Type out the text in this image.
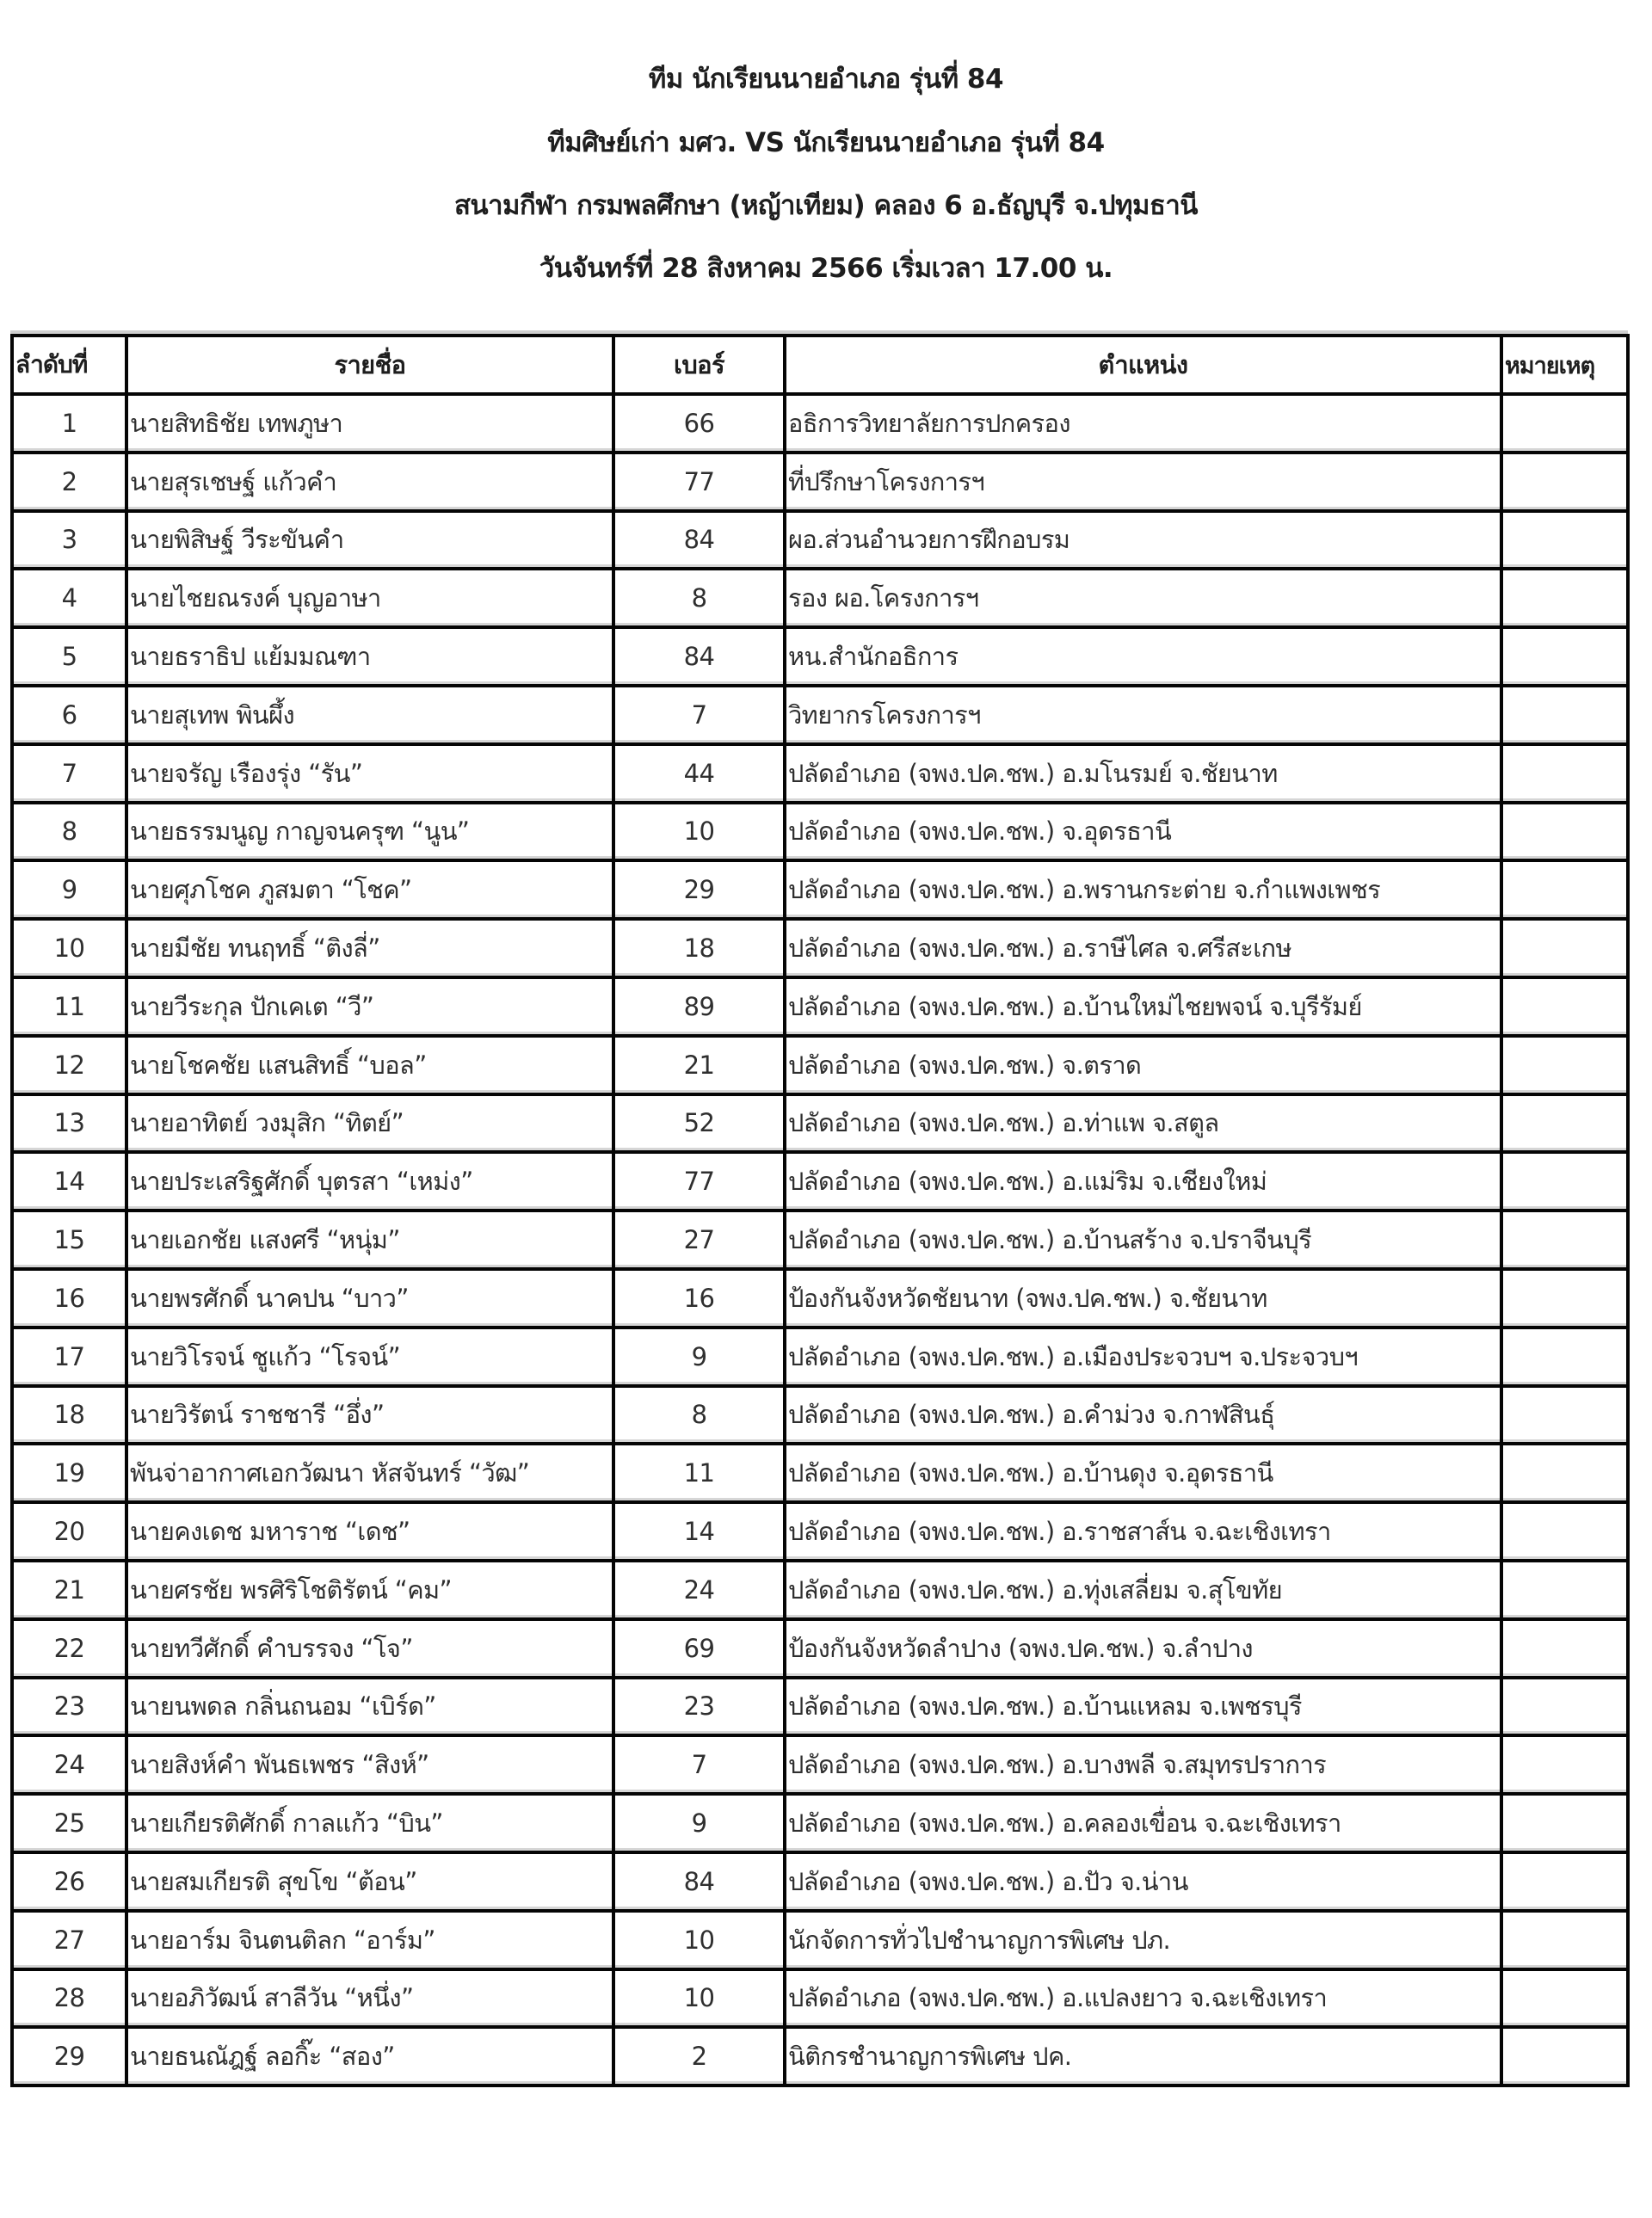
ทีม นักเรียนนายอำเภอ รุ่นที่ 84
ทีมศิษย์เก่า มศว. VS นักเรียนนายอำเภอ รุ่นที่ 84
สนามกีฬา กรมพลศึกษา (หญ้าเทียม) คลอง 6 อ.ธัญบุรี จ.ปทุมธานี
วันจันทร์ที่ 28 สิงหาคม 2566 เริ่มเวลา 17.00 น.
ลำดับที่	รายชื่อ	เบอร์	ตำแหน่ง	หมายเหตุ
1	นายสิทธิชัย เทพภูษา	66	อธิการวิทยาลัยการปกครอง	
2	นายสุรเชษฐ์ แก้วคำ	77	ที่ปรึกษาโครงการฯ	
3	นายพิสิษฐ์ วีระขันคำ	84	ผอ.ส่วนอำนวยการฝึกอบรม	
4	นายไชยณรงค์ บุญอาษา	8	รอง ผอ.โครงการฯ	
5	นายธราธิป แย้มมณฑา	84	หน.สำนักอธิการ	
6	นายสุเทพ พินผึ้ง	7	วิทยากรโครงการฯ	
7	นายจรัญ เรืองรุ่ง “รัน”	44	ปลัดอำเภอ (จพง.ปค.ชพ.) อ.มโนรมย์ จ.ชัยนาท	
8	นายธรรมนูญ กาญจนครุฑ “นูน”	10	ปลัดอำเภอ (จพง.ปค.ชพ.) จ.อุดรธานี	
9	นายศุภโชค ภูสมตา “โชค”	29	ปลัดอำเภอ (จพง.ปค.ชพ.) อ.พรานกระต่าย จ.กำแพงเพชร	
10	นายมีชัย ทนฤทธิ์ “ติงลี่”	18	ปลัดอำเภอ (จพง.ปค.ชพ.) อ.ราษีไศล จ.ศรีสะเกษ	
11	นายวีระกุล ปักเคเต “วี”	89	ปลัดอำเภอ (จพง.ปค.ชพ.) อ.บ้านใหม่ไชยพจน์ จ.บุรีรัมย์	
12	นายโชคชัย แสนสิทธิ์ “บอล”	21	ปลัดอำเภอ (จพง.ปค.ชพ.) จ.ตราด	
13	นายอาทิตย์ วงมุสิก “ทิตย์”	52	ปลัดอำเภอ (จพง.ปค.ชพ.) อ.ท่าแพ จ.สตูล	
14	นายประเสริฐศักดิ์ บุตรสา “เหม่ง”	77	ปลัดอำเภอ (จพง.ปค.ชพ.) อ.แม่ริม จ.เชียงใหม่	
15	นายเอกชัย แสงศรี “หนุ่ม”	27	ปลัดอำเภอ (จพง.ปค.ชพ.) อ.บ้านสร้าง จ.ปราจีนบุรี	
16	นายพรศักดิ์ นาคปน “บาว”	16	ป้องกันจังหวัดชัยนาท (จพง.ปค.ชพ.) จ.ชัยนาท	
17	นายวิโรจน์ ชูแก้ว “โรจน์”	9	ปลัดอำเภอ (จพง.ปค.ชพ.) อ.เมืองประจวบฯ จ.ประจวบฯ	
18	นายวิรัตน์ ราชชารี “อึ่ง”	8	ปลัดอำเภอ (จพง.ปค.ชพ.) อ.คำม่วง จ.กาฬสินธุ์	
19	พันจ่าอากาศเอกวัฒนา หัสจันทร์ “วัฒ”	11	ปลัดอำเภอ (จพง.ปค.ชพ.) อ.บ้านดุง จ.อุดรธานี	
20	นายคงเดช มหาราช “เดช”	14	ปลัดอำเภอ (จพง.ปค.ชพ.) อ.ราชสาส์น จ.ฉะเชิงเทรา	
21	นายศรชัย พรศิริโชติรัตน์ “คม”	24	ปลัดอำเภอ (จพง.ปค.ชพ.) อ.ทุ่งเสลี่ยม จ.สุโขทัย	
22	นายทวีศักดิ์ คำบรรจง “โจ”	69	ป้องกันจังหวัดลำปาง (จพง.ปค.ชพ.) จ.ลำปาง	
23	นายนพดล กลิ่นถนอม “เบิร์ด”	23	ปลัดอำเภอ (จพง.ปค.ชพ.) อ.บ้านแหลม จ.เพชรบุรี	
24	นายสิงห์คำ พันธเพชร “สิงห์”	7	ปลัดอำเภอ (จพง.ปค.ชพ.) อ.บางพลี จ.สมุทรปราการ	
25	นายเกียรติศักดิ์ กาลแก้ว “บิน”	9	ปลัดอำเภอ (จพง.ปค.ชพ.) อ.คลองเขื่อน จ.ฉะเชิงเทรา	
26	นายสมเกียรติ สุขโข “ต้อน”	84	ปลัดอำเภอ (จพง.ปค.ชพ.) อ.ปัว จ.น่าน	
27	นายอาร์ม จินตนติลก “อาร์ม”	10	นักจัดการทั่วไปชำนาญการพิเศษ ปภ.	
28	นายอภิวัฒน์ สาลีวัน “หนึ่ง”	10	ปลัดอำเภอ (จพง.ปค.ชพ.) อ.แปลงยาว จ.ฉะเชิงเทรา	
29	นายธนณัฎฐ์ ลอกิ๊ะ “สอง”	2	นิติกรชำนาญการพิเศษ ปค.	
